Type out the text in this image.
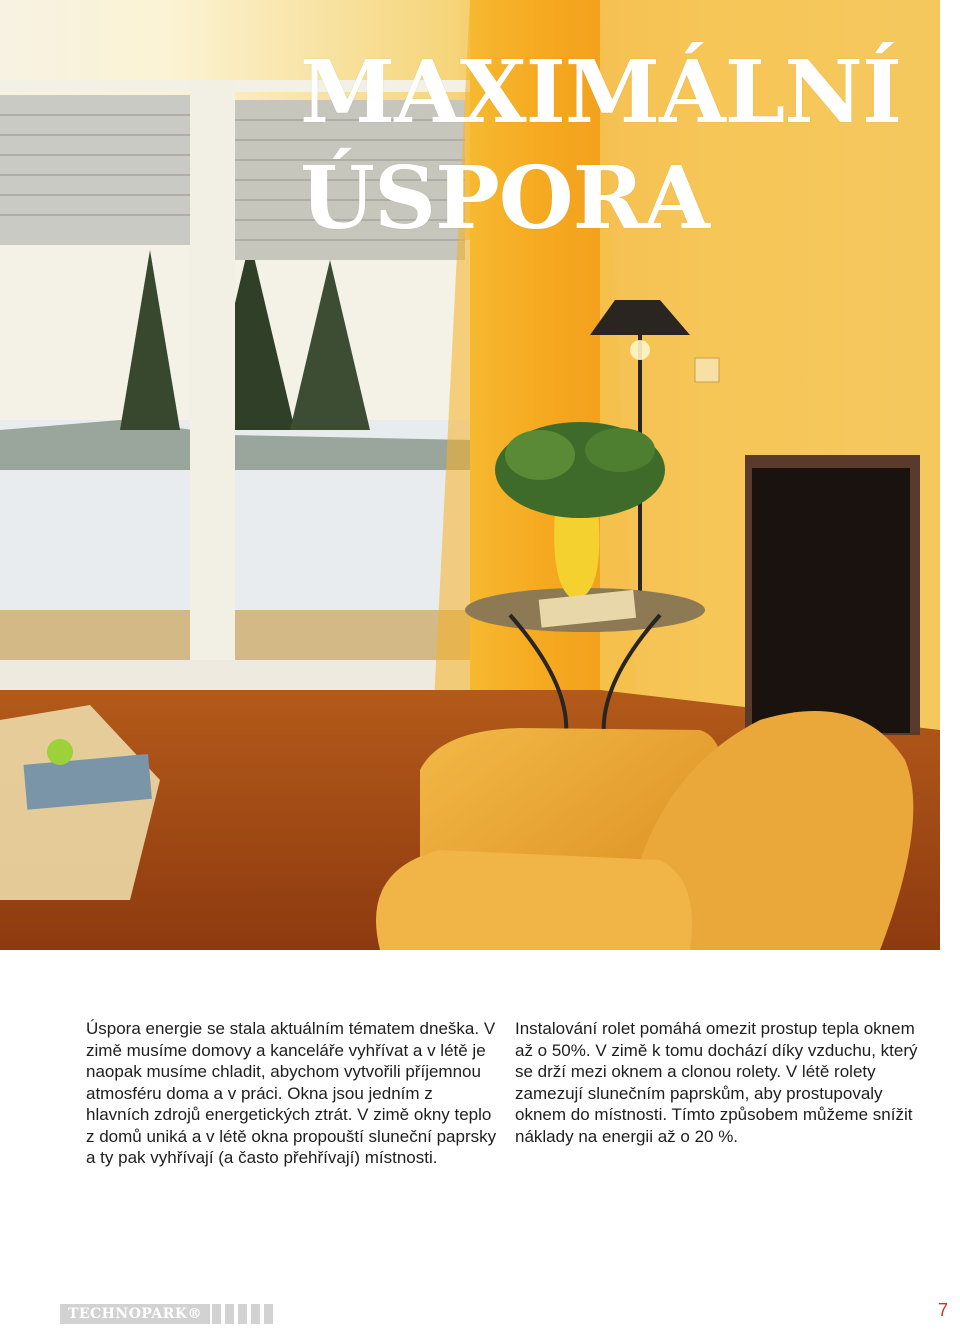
MAXIMÁLNÍ
ÚSPORA

Úspora energie se stala aktuálním tématem dneška. V zimě musíme domovy a kanceláře vyhřívat a v létě je naopak musíme chladit, abychom vytvořili příjemnou atmosféru doma a v práci. Okna jsou jedním z hlavních zdrojů energetických ztrát. V zimě okny teplo z domů uniká a v létě okna propouští sluneční paprsky a ty pak vyhřívají (a často přehřívají) místnosti.

Instalování rolet pomáhá omezit prostup tepla oknem až o 50%. V zimě k tomu dochází díky vzduchu, který se drží mezi oknem a clonou rolety. V létě rolety zamezují slunečním paprskům, aby prostupovaly oknem do místnosti. Tímto způsobem můžeme snížit náklady na energii až o 20 %.

TECHNOPARK®	7
